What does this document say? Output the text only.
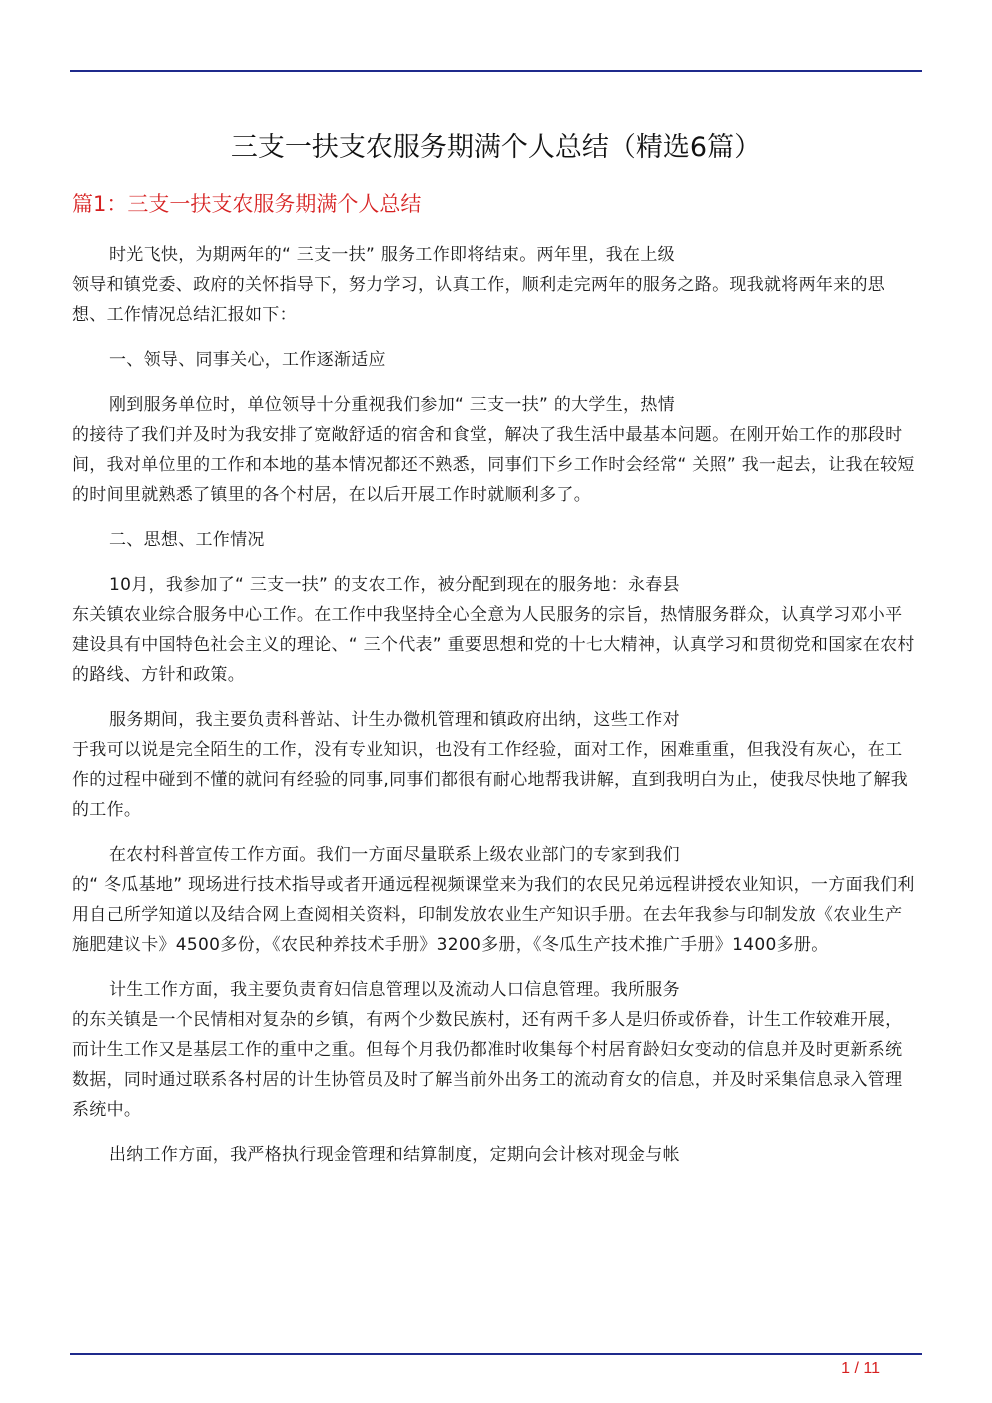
三支一扶支农服务期满个人总结（精选6篇）
篇1：三支一扶支农服务期满个人总结

时光飞快，为期两年的“ 三支一扶” 服务工作即将结束。两年里，我在上级
领导和镇党委、政府的关怀指导下，努力学习，认真工作，顺利走完两年的服务之路。现我就将两年来的思想、工作情况总结汇报如下：

一、领导、同事关心，工作逐渐适应

刚到服务单位时，单位领导十分重视我们参加“ 三支一扶” 的大学生，热情
的接待了我们并及时为我安排了宽敞舒适的宿舍和食堂，解决了我生活中最基本问题。在刚开始工作的那段时间，我对单位里的工作和本地的基本情况都还不熟悉，同事们下乡工作时会经常“ 关照” 我一起去，让我在较短的时间里就熟悉了镇里的各个村居，在以后开展工作时就顺利多了。

二、思想、工作情况

10月，我参加了“ 三支一扶” 的支农工作，被分配到现在的服务地：永春县
东关镇农业综合服务中心工作。在工作中我坚持全心全意为人民服务的宗旨，热情服务群众，认真学习邓小平建设具有中国特色社会主义的理论、“ 三个代表” 重要思想和党的十七大精神，认真学习和贯彻党和国家在农村的路线、方针和政策。

服务期间，我主要负责科普站、计生办微机管理和镇政府出纳，这些工作对
于我可以说是完全陌生的工作，没有专业知识，也没有工作经验，面对工作，困难重重，但我没有灰心，在工作的过程中碰到不懂的就问有经验的同事,同事们都很有耐心地帮我讲解，直到我明白为止，使我尽快地了解我的工作。

在农村科普宣传工作方面。我们一方面尽量联系上级农业部门的专家到我们
的“ 冬瓜基地” 现场进行技术指导或者开通远程视频课堂来为我们的农民兄弟远程讲授农业知识，一方面我们利用自己所学知道以及结合网上查阅相关资料，印制发放农业生产知识手册。在去年我参与印制发放《农业生产施肥建议卡》4500多份，《农民种养技术手册》3200多册，《冬瓜生产技术推广手册》1400多册。

计生工作方面，我主要负责育妇信息管理以及流动人口信息管理。我所服务
的东关镇是一个民情相对复杂的乡镇，有两个少数民族村，还有两千多人是归侨或侨眷，计生工作较难开展，而计生工作又是基层工作的重中之重。但每个月我仍都准时收集每个村居育龄妇女变动的信息并及时更新系统数据，同时通过联系各村居的计生协管员及时了解当前外出务工的流动育女的信息，并及时采集信息录入管理系统中。

出纳工作方面，我严格执行现金管理和结算制度，定期向会计核对现金与帐

1 / 11
